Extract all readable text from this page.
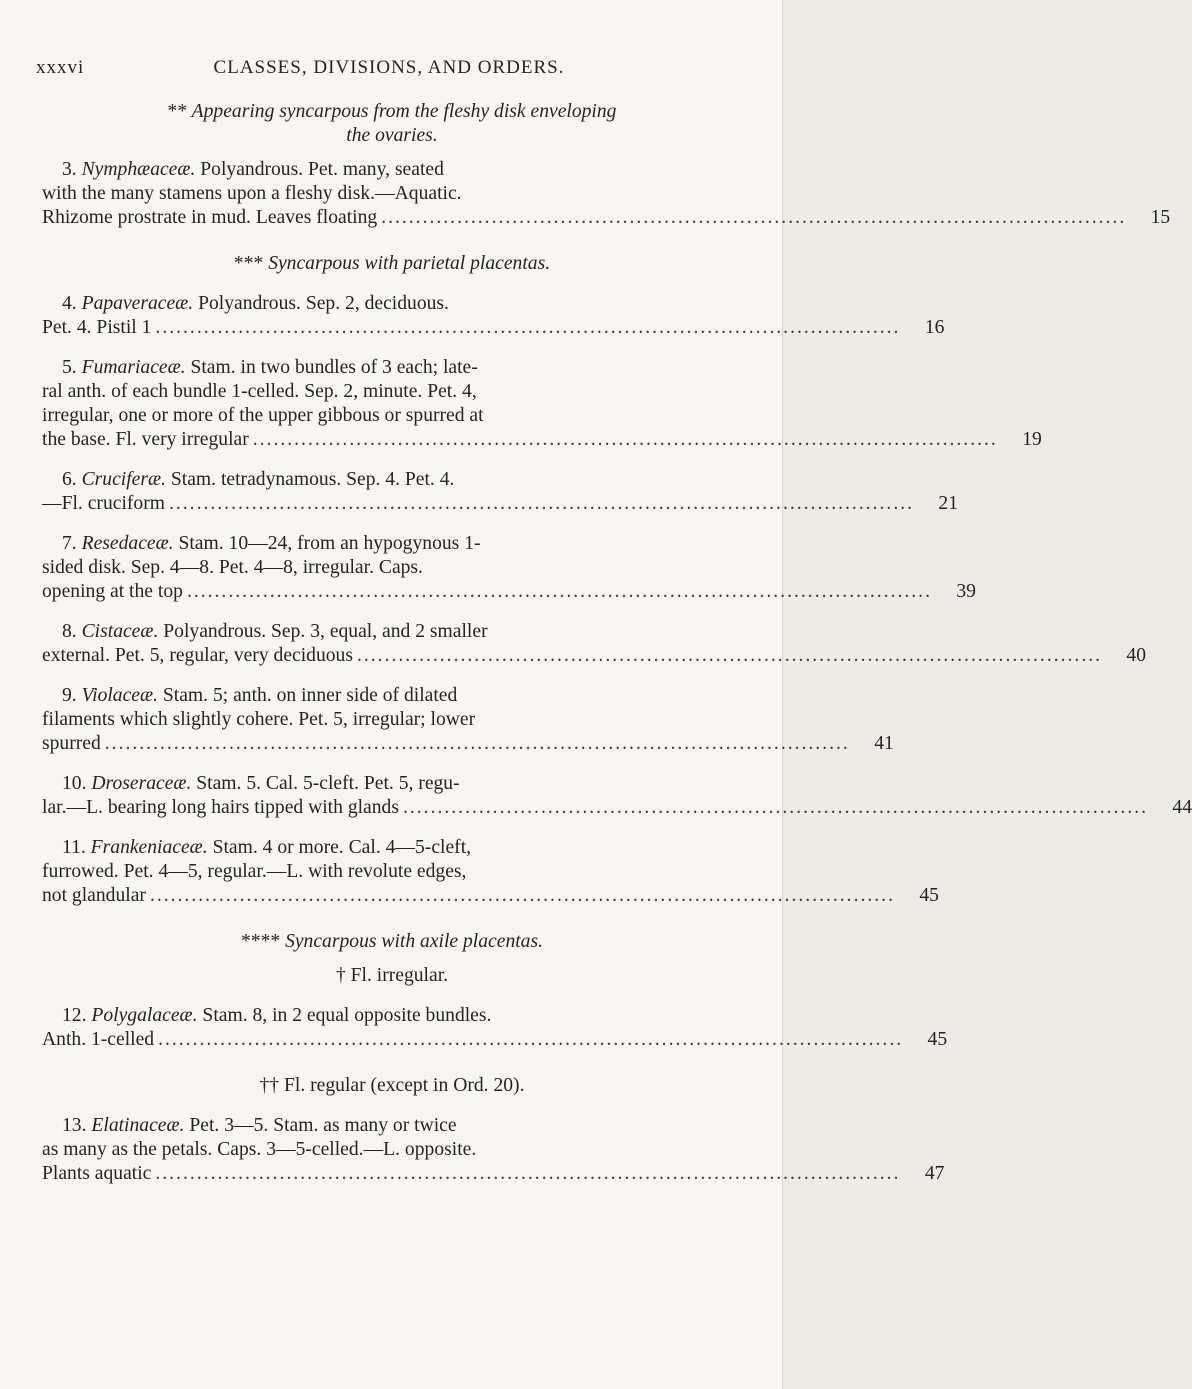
xxxvi	CLASSES, DIVISIONS, AND ORDERS.

** Appearing syncarpous from the fleshy disk enveloping
the ovaries.

3. Nymphæaceæ. Polyandrous. Pet. many, seated
with the many stamens upon a fleshy disk.—Aquatic.
Rhizome prostrate in mud. Leaves floating ............................................................................................................	15

*** Syncarpous with parietal placentas.

4. Papaveraceæ. Polyandrous. Sep. 2, deciduous.
Pet. 4. Pistil 1 ............................................................................................................	16
5. Fumariaceæ. Stam. in two bundles of 3 each; late-
ral anth. of each bundle 1-celled. Sep. 2, minute. Pet. 4,
irregular, one or more of the upper gibbous or spurred at
the base. Fl. very irregular ............................................................................................................	19
6. Cruciferæ. Stam. tetradynamous. Sep. 4. Pet. 4.
—Fl. cruciform ............................................................................................................	21
7. Resedaceæ. Stam. 10—24, from an hypogynous 1-
sided disk. Sep. 4—8. Pet. 4—8, irregular. Caps.
opening at the top ............................................................................................................	39
8. Cistaceæ. Polyandrous. Sep. 3, equal, and 2 smaller
external. Pet. 5, regular, very deciduous ............................................................................................................	40
9. Violaceæ. Stam. 5; anth. on inner side of dilated
filaments which slightly cohere. Pet. 5, irregular; lower
spurred ............................................................................................................	41
10. Droseraceæ. Stam. 5. Cal. 5-cleft. Pet. 5, regu-
lar.—L. bearing long hairs tipped with glands ............................................................................................................	44
11. Frankeniaceæ. Stam. 4 or more. Cal. 4—5-cleft,
furrowed. Pet. 4—5, regular.—L. with revolute edges,
not glandular ............................................................................................................	45

**** Syncarpous with axile placentas.

† Fl. irregular.

12. Polygalaceæ. Stam. 8, in 2 equal opposite bundles.
Anth. 1-celled ............................................................................................................	45

†† Fl. regular (except in Ord. 20).

13. Elatinaceæ. Pet. 3—5. Stam. as many or twice
as many as the petals. Caps. 3—5-celled.—L. opposite.
Plants aquatic ............................................................................................................	47
